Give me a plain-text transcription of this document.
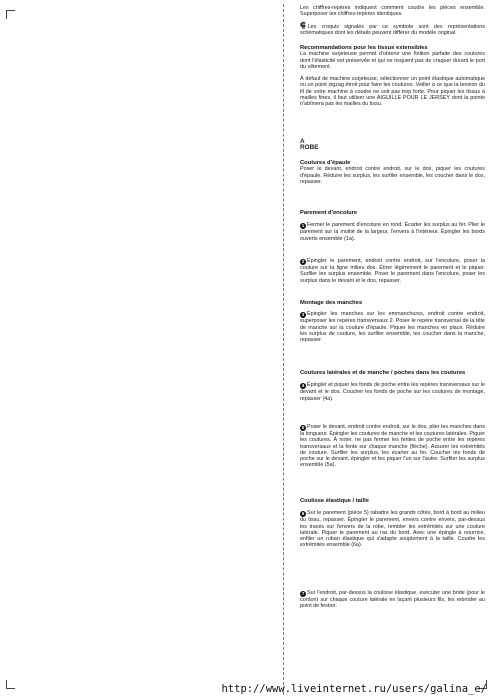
Les chiffres-repères indiquent comment coudre les pièces ensemble. Superposer les chiffres-repères identiques.

⸿ Les croquis signalés par ce symbole sont des représentations schématiques dont les détails peuvent différer du modèle original.

Recommandations pour les tissus extensibles

La machine surjeteuse permet d'obtenir une finition parfaite des coutures dont l'élasticité est préservée et qui ne risquent pas de craquer durant le port du vêtement.

À défaut de machine surjeteuse, sélectionner un point élastique automatique ou un point zigzag étroit pour faire les coutures. Veiller à ce que la tension du fil de votre machine à coudre ne soit pas trop forte. Pour piquer les tissus à mailles fines, il faut utiliser une AIGUILLE POUR LE JERSEY dont la pointe n'abîmera pas les mailles du tissu.

A

ROBE

Coutures d'épaule

Poser le devant, endroit contre endroit, sur le dos, piquer les coutures d'épaule. Réduire les surplus, les surfiler ensemble, les coucher dans le dos, repasser.

Parement d'encolure

1 Fermer le parement d'encolure en rond. Écarter les surplus au fer. Plier le parement sur la moitié de la largeur, l'envers à l'intérieur. Épingler les bords ouverts ensemble (1a).

2 Épingler le parement, endroit contre endroit, sur l'encolure, poser la couture sur la ligne milieu dos. Étirer légèrement le parement et le piquer. Surfiler les surplus ensemble. Poser le parement dans l'encolure, poser les surplus dans le devant et le dos, repasser.

Montage des manches

3 Épingler les manches sur les emmanchures, endroit contre endroit, superposer les repères transversaux 2. Poser le repère transversal de la tête de manche sur la couture d'épaule. Piquer les manches en place. Réduire les surplus de couture, les surfiler ensemble, les coucher dans la manche, repasser.

Coutures latérales et de manche / poches dans les coutures

4 Épingler et piquer les fonds de poche entre les repères transversaux sur le devant et le dos. Coucher les fonds de poche sur les coutures de montage, repasser (4a).

5 Poser le devant, endroit contre endroit, sur le dos, plier les manches dans la longueur. Épingler les coutures de manche et les coutures latérales. Piquer les coutures. À noter, ne pas fermer les fentes de poche entre les repères transversaux et la fente sur chaque manche (flèche). Assurer les extrémités de couture. Surfiler les surplus, les écarter au fer. Coucher les fonds de poche sur le devant, épingler et les piquer l'un sur l'autre. Surfiler les surplus ensemble (5a).

Coulisse élastique / taille

6 Sur le parement (pièce 5) rabattre les grands côtés, bord à bord au milieu du tissu, repasser. Épingler le parement, envers contre envers, par-dessus les tracés sur l'envers de la robe, rembler les extrémités sur une couture latérale. Piquer le parement au ras du bord. Avec une épingle à nourrice, enfiler un ruban élastique qui s'adapte souplement à la taille. Coudre les extrémités ensemble (6a).

7 Sur l'endroit, par-dessus la coulisse élastique, exécuter une bride (pour le cordon) sur chaque couture latérale en laçant plusieurs fils, les rebroder au point de feston.

http://www.liveinternet.ru/users/galina_e/
